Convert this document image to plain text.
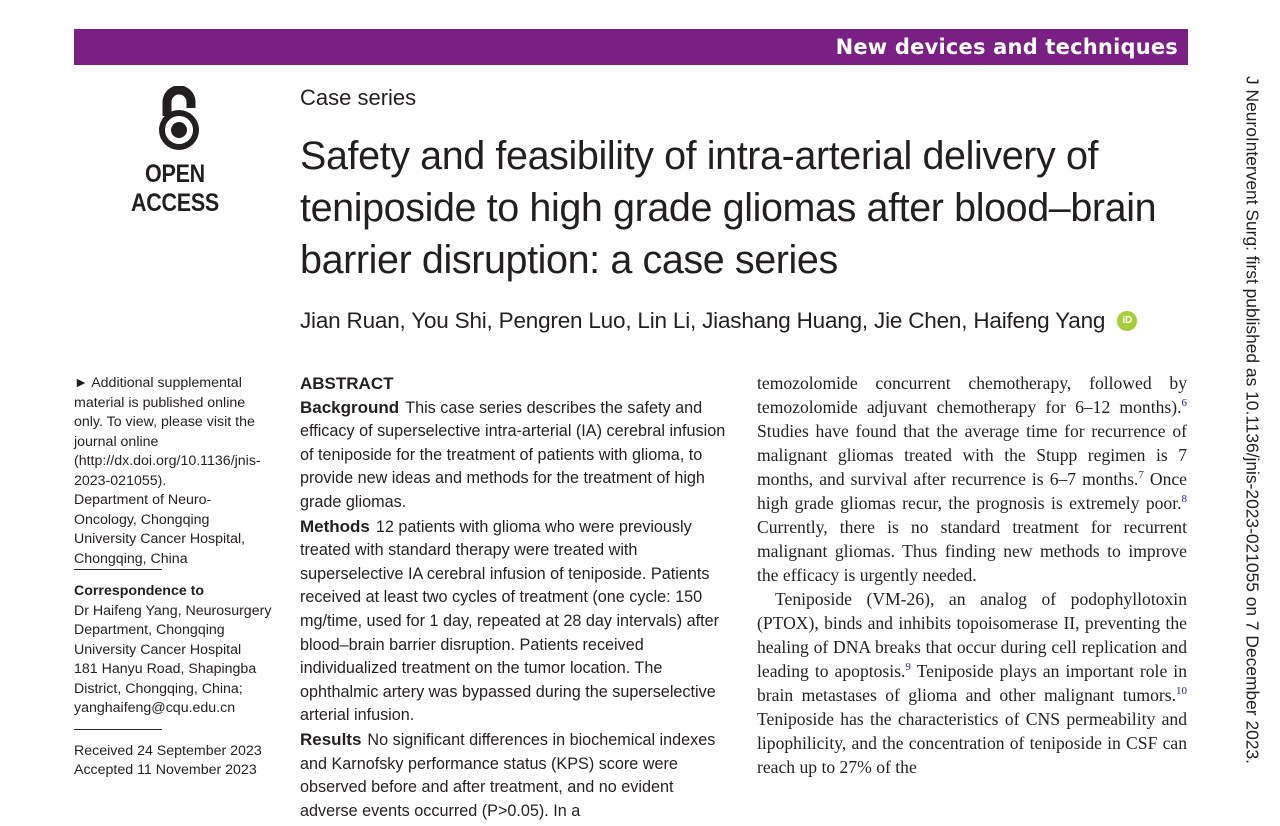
New devices and techniques
J NeuroIntervent Surg: first published as 10.1136/jnis-2023-021055 on 7 December 2023.
OPEN ACCESS
Case series
Safety and feasibility of intra-arterial delivery of teniposide to high grade gliomas after blood–brain barrier disruption: a case series
Jian Ruan, You Shi, Pengren Luo, Lin Li, Jiashang Huang, Jie Chen, Haifeng Yang	iD

► Additional supplemental material is published online only. To view, please visit the journal online (http://dx.doi.org/10.1136/jnis-2023-021055).

Department of Neuro-Oncology, Chongqing University Cancer Hospital, Chongqing, China

Correspondence to

Dr Haifeng Yang, Neurosurgery

Department, Chongqing

University Cancer Hospital

181 Hanyu Road, Shapingba

District, Chongqing, China;

yanghaifeng@cqu.edu.cn

Received 24 September 2023

Accepted 11 November 2023

ABSTRACT

Background This case series describes the safety and efficacy of superselective intra-arterial (IA) cerebral infusion of teniposide for the treatment of patients with glioma, to provide new ideas and methods for the treatment of high grade gliomas.

Methods 12 patients with glioma who were previously treated with standard therapy were treated with superselective IA cerebral infusion of teniposide. Patients received at least two cycles of treatment (one cycle: 150 mg/time, used for 1 day, repeated at 28 day intervals) after blood–brain barrier disruption. Patients received individualized treatment on the tumor location. The ophthalmic artery was bypassed during the superselective arterial infusion.

Results No significant differences in biochemical indexes and Karnofsky performance status (KPS) score were observed before and after treatment, and no evident adverse events occurred (P>0.05). In a

temozolomide concurrent chemotherapy, followed by temozolomide adjuvant chemotherapy for 6–12 months).$^6$ Studies have found that the average time for recurrence of malignant gliomas treated with the Stupp regimen is 7 months, and survival after recurrence is 6–7 months.$^7$ Once high grade gliomas recur, the prognosis is extremely poor.$^8$ Currently, there is no standard treatment for recurrent malignant gliomas. Thus finding new methods to improve the efficacy is urgently needed.

Teniposide (VM-26), an analog of podophyllotoxin (PTOX), binds and inhibits topoisomerase II, preventing the healing of DNA breaks that occur during cell replication and leading to apoptosis.$^9$ Teniposide plays an important role in brain metastases of glioma and other malignant tumors.$^{10}$ Teniposide has the characteristics of CNS permeability and lipophilicity, and the concentration of teniposide in CSF can reach up to 27% of the
